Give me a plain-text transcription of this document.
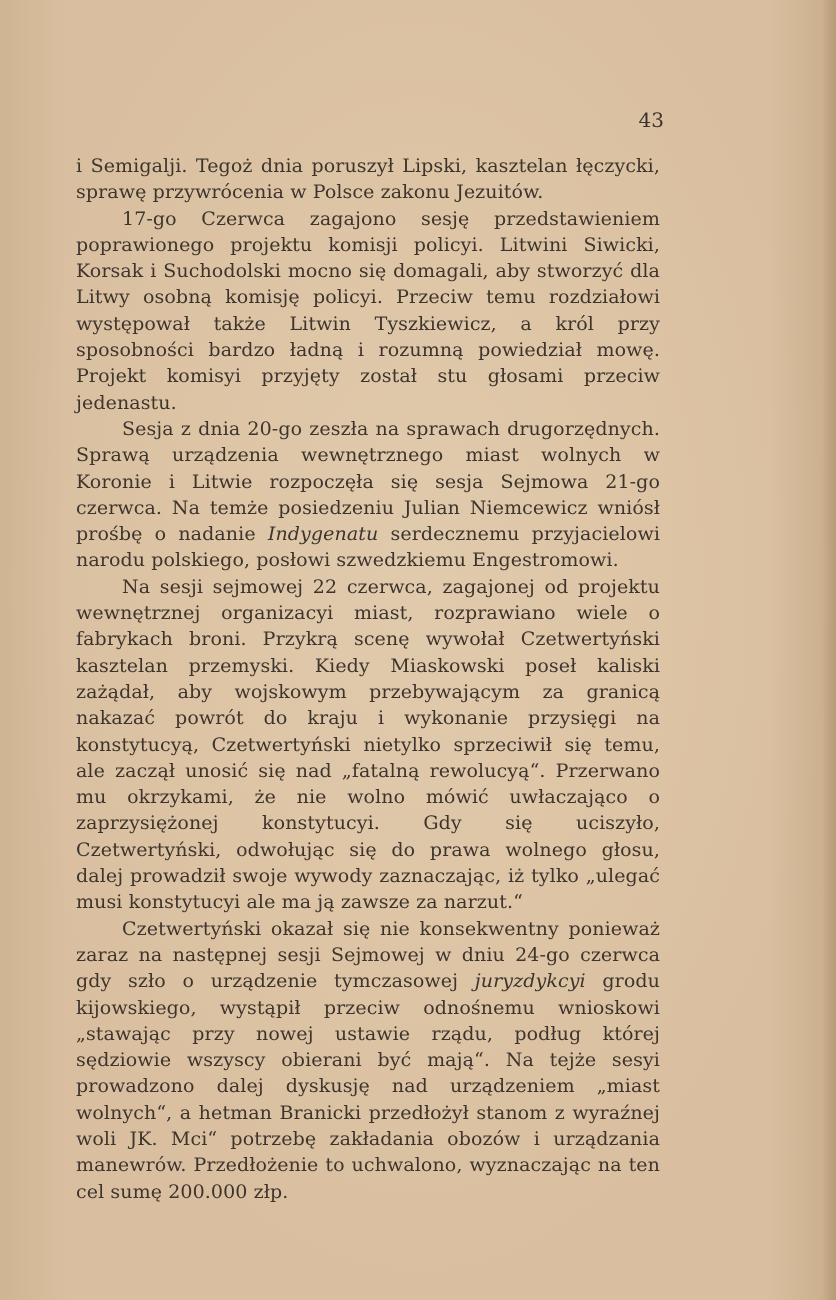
43

i Semigalji. Tegoż dnia poruszył Lipski, kasztelan łęczycki, sprawę przywrócenia w Polsce zakonu Jezuitów.

17-go Czerwca zagajono sesję przedstawieniem poprawionego projektu komisji policyi. Litwini Siwicki, Korsak i Suchodolski mocno się domagali, aby stworzyć dla Litwy osobną komisję policyi. Przeciw temu rozdziałowi występował także Litwin Tyszkiewicz, a król przy sposobności bardzo ładną i rozumną powiedział mowę. Projekt komisyi przyjęty został stu głosami przeciw jedenastu.

Sesja z dnia 20-go zeszła na sprawach drugorzędnych. Sprawą urządzenia wewnętrznego miast wolnych w Koronie i Litwie rozpoczęła się sesja Sejmowa 21-go czerwca. Na temże posiedzeniu Julian Niemcewicz wniósł prośbę o nadanie Indygenatu serdecznemu przyjacielowi narodu polskiego, posłowi szwedzkiemu Engestromowi.

Na sesji sejmowej 22 czerwca, zagajonej od projektu wewnętrznej organizacyi miast, rozprawiano wiele o fabrykach broni. Przykrą scenę wywołał Czetwertyński kasztelan przemyski. Kiedy Miaskowski poseł kaliski zażądał, aby wojskowym przebywającym za granicą nakazać powrót do kraju i wykonanie przysięgi na konstytucyą, Czetwertyński nietylko sprzeciwił się temu, ale zaczął unosić się nad „fatalną rewolucyą“. Przerwano mu okrzykami, że nie wolno mówić uwłaczająco o zaprzysiężonej konstytucyi. Gdy się uciszyło, Czetwertyński, odwołując się do prawa wolnego głosu, dalej prowadził swoje wywody zaznaczając, iż tylko „ulegać musi konstytucyi ale ma ją zawsze za narzut.“

Czetwertyński okazał się nie konsekwentny ponieważ zaraz na następnej sesji Sejmowej w dniu 24-go czerwca gdy szło o urządzenie tymczasowej juryzdykcyi grodu kijowskiego, wystąpił przeciw odnośnemu wnioskowi „stawając przy nowej ustawie rządu, podług której sędziowie wszyscy obierani być mają“. Na tejże sesyi prowadzono dalej dyskusję nad urządzeniem „miast wolnych“, a hetman Branicki przedłożył stanom z wyraźnej woli JK. Mci“ potrzebę zakładania obozów i urządzania manewrów. Przedłożenie to uchwalono, wyznaczając na ten cel sumę 200.000 złp.
